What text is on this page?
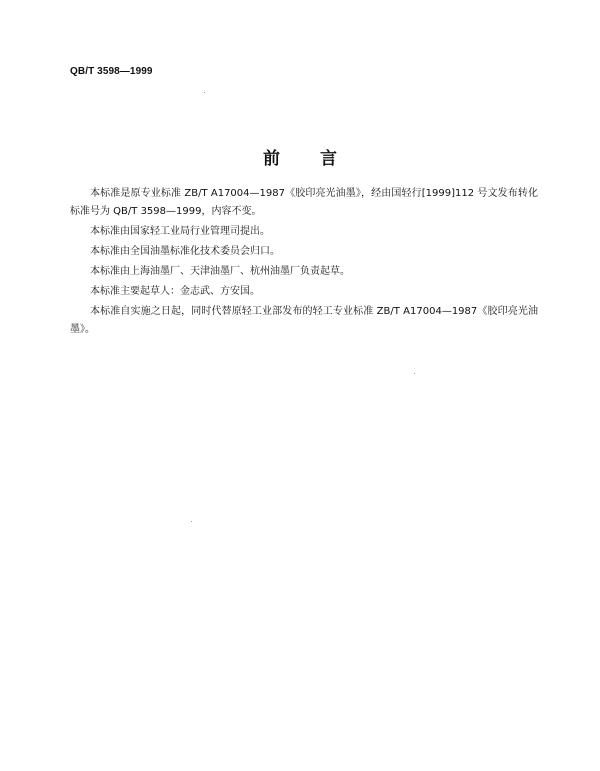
QB/T 3598—1999
前言

本标准是原专业标准 ZB/T A17004—1987《胶印亮光油墨》，经由国轻行[1999]112 号文发布转化标准号为 QB/T 3598—1999，内容不变。

本标准由国家轻工业局行业管理司提出。

本标准由全国油墨标准化技术委员会归口。

本标准由上海油墨厂、天津油墨厂、杭州油墨厂负责起草。

本标准主要起草人：金志武、方安国。

本标准自实施之日起，同时代替原轻工业部发布的轻工专业标准 ZB/T A17004—1987《胶印亮光油墨》。
